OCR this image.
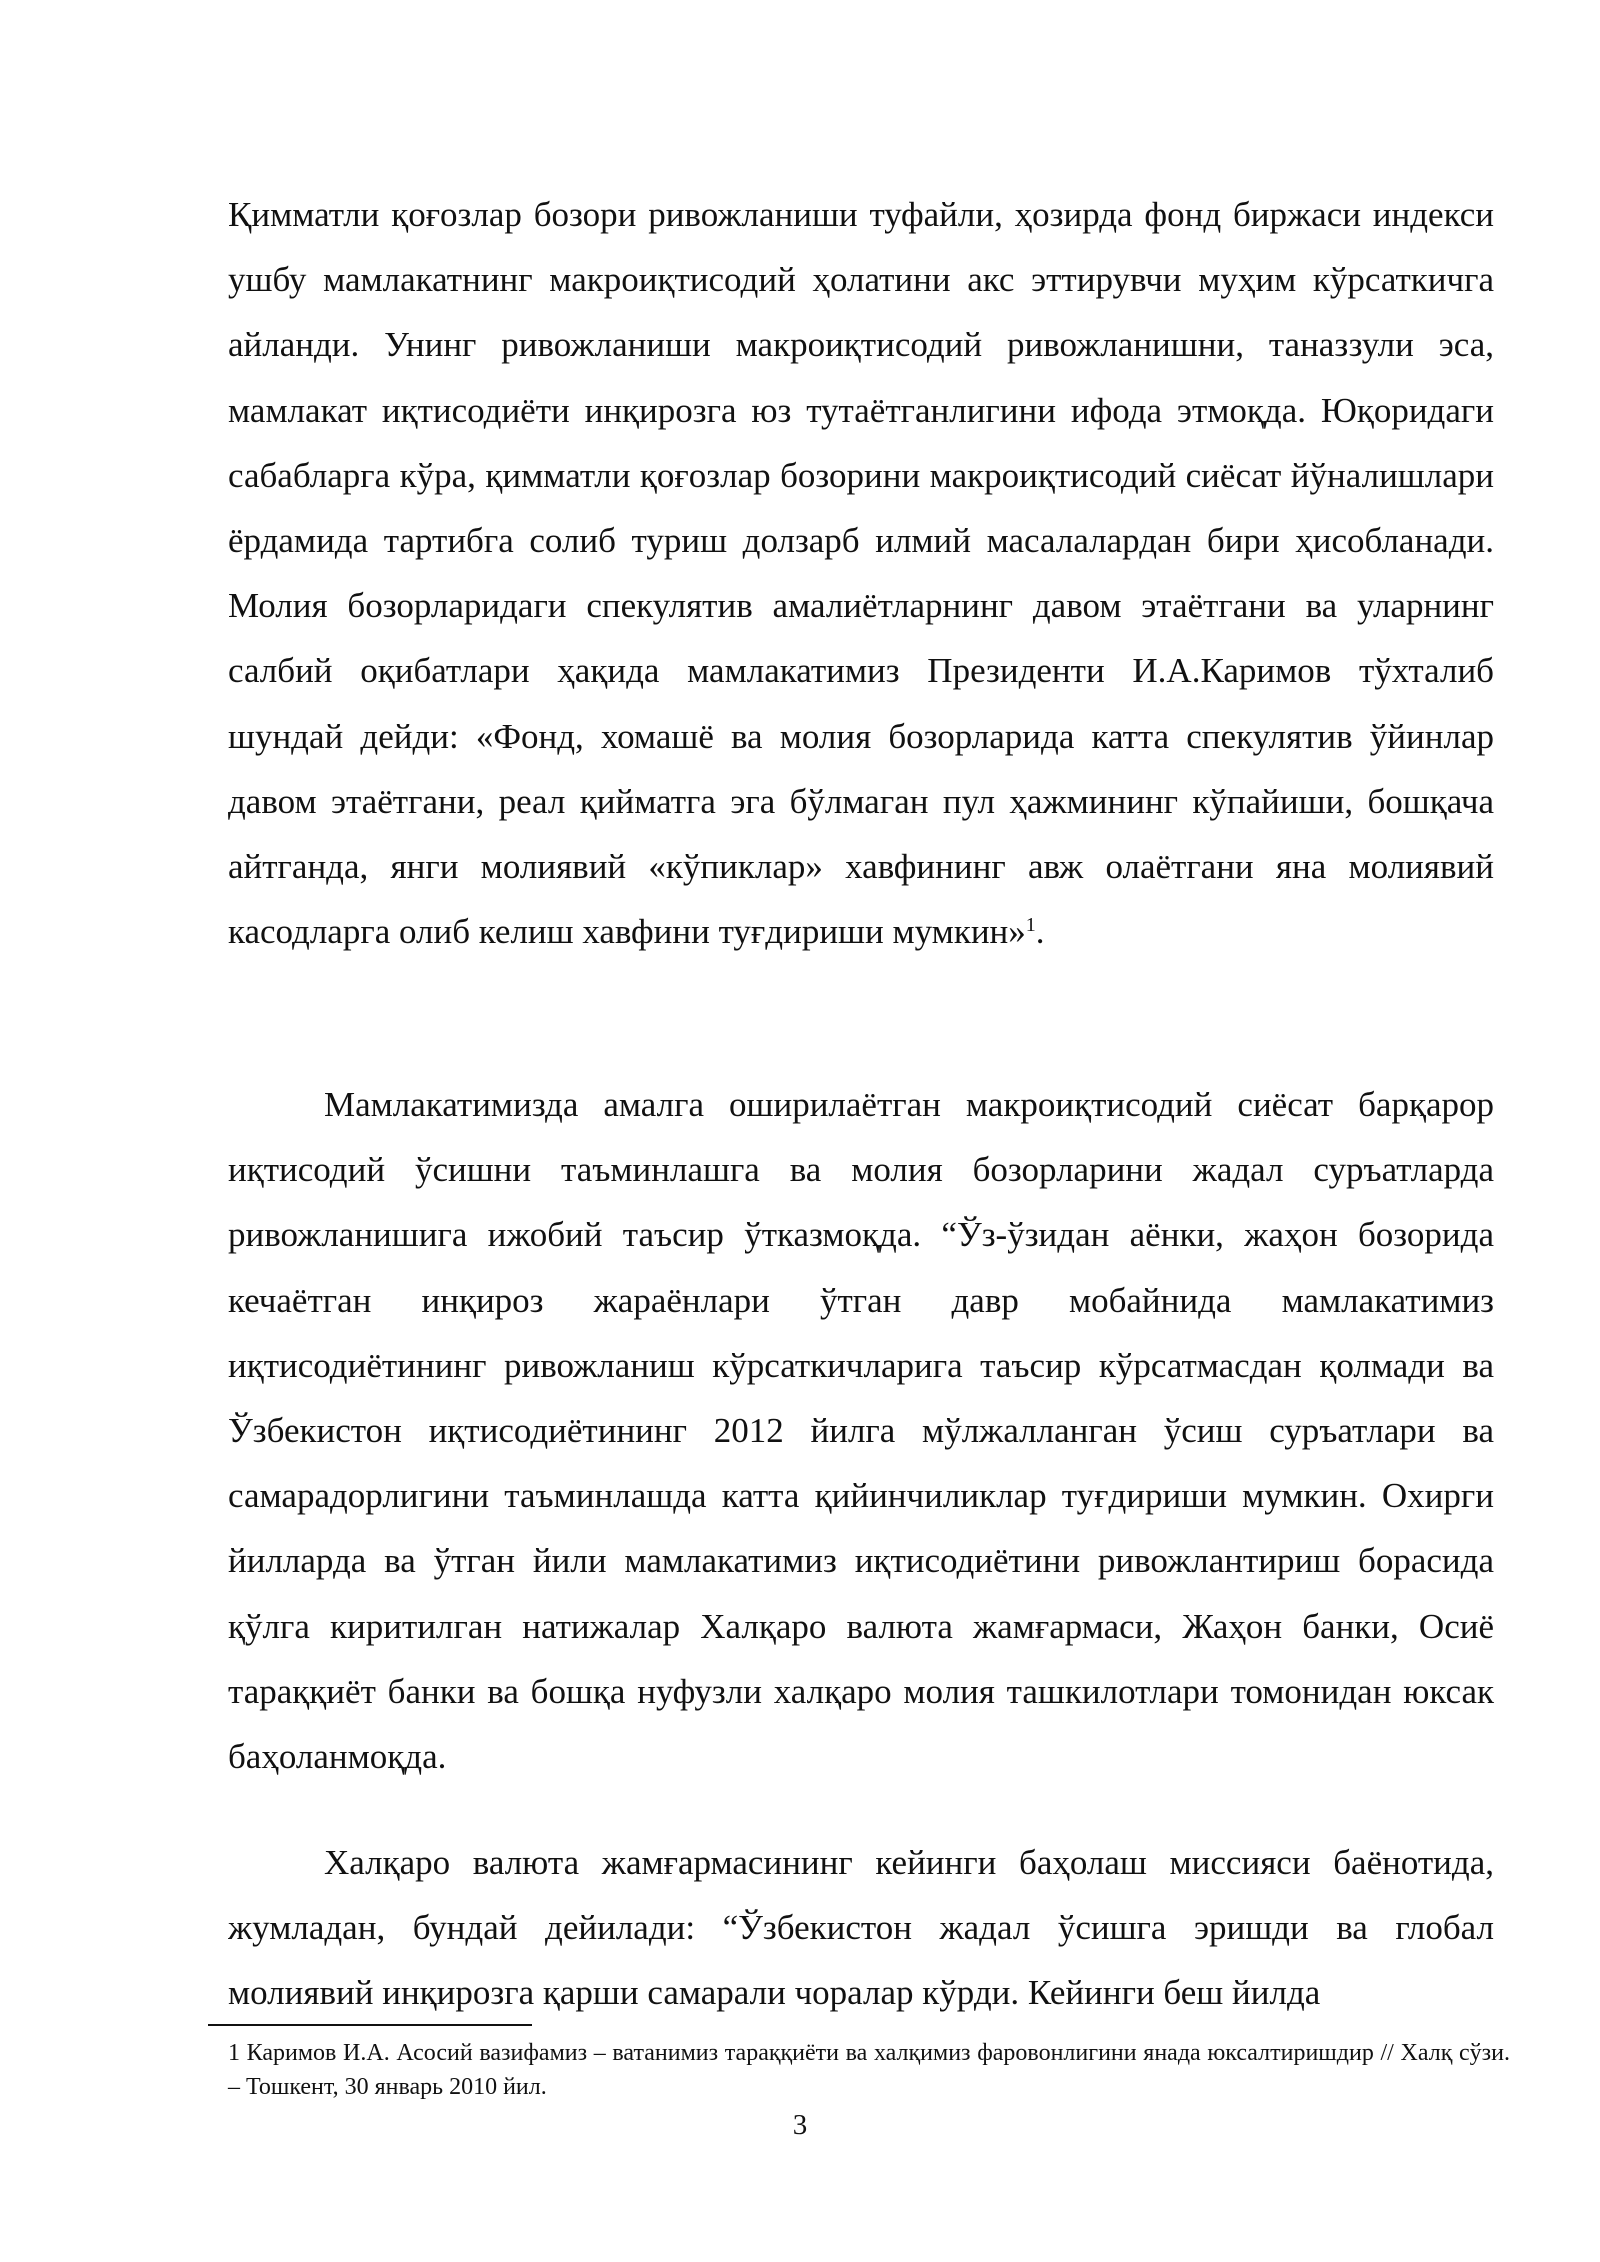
Қимматли қоғозлар бозори ривожланиши туфайли, ҳозирда фонд биржаси индекси ушбу мамлакатнинг макроиқтисодий ҳолатини акс эттирувчи муҳим кўрсаткичга айланди. Унинг ривожланиши макроиқтисодий ривожланишни, таназзули эса, мамлакат иқтисодиёти инқирозга юз тутаётганлигини ифода этмоқда. Юқоридаги сабабларга кўра, қимматли қоғозлар бозорини макроиқтисодий сиёсат йўналишлари ёрдамида тартибга солиб туриш долзарб илмий масалалардан бири ҳисобланади. Молия бозорларидаги спекулятив амалиётларнинг давом этаётгани ва уларнинг салбий оқибатлари ҳақида мамлакатимиз Президенти И.А.Каримов тўхталиб шундай дейди: «Фонд, хомашё ва молия бозорларида катта спекулятив ўйинлар давом этаётгани, реал қийматга эга бўлмаган пул ҳажмининг кўпайиши, бошқача айтганда, янги молиявий «кўпиклар» хавфининг авж олаётгани яна молиявий касодларга олиб келиш хавфини туғдириши мумкин»$^1$.

Мамлакатимизда амалга оширилаётган макроиқтисодий сиёсат барқарор иқтисодий ўсишни таъминлашга ва молия бозорларини жадал суръатларда ривожланишига ижобий таъсир ўтказмоқда. “Ўз-ўзидан аёнки, жаҳон бозорида кечаётган инқироз жараёнлари ўтган давр мобайнида мамлакатимиз иқтисодиётининг ривожланиш кўрсаткичларига таъсир кўрсатмасдан қолмади ва Ўзбекистон иқтисодиётининг 2012 йилга мўлжалланган ўсиш суръатлари ва самарадорлигини таъминлашда катта қийинчиликлар туғдириши мумкин. Охирги йилларда ва ўтган йили мамлакатимиз иқтисодиётини ривожлантириш борасида қўлга киритилган натижалар Халқаро валюта жамғармаси, Жаҳон банки, Осиё тараққиёт банки ва бошқа нуфузли халқаро молия ташкилотлари томонидан юксак баҳоланмоқда.

Халқаро валюта жамғармасининг кейинги баҳолаш миссияси баёнотида, жумладан, бундай дейилади: “Ўзбекистон жадал ўсишга эришди ва глобал молиявий инқирозга қарши самарали чоралар кўрди. Кейинги беш йилда

1 Каримов И.А. Асосий вазифамиз – ватанимиз тараққиёти ва халқимиз фаровонлигини янада юксалтиришдир // Халқ сўзи. – Тошкент, 30 январь 2010 йил.

3
